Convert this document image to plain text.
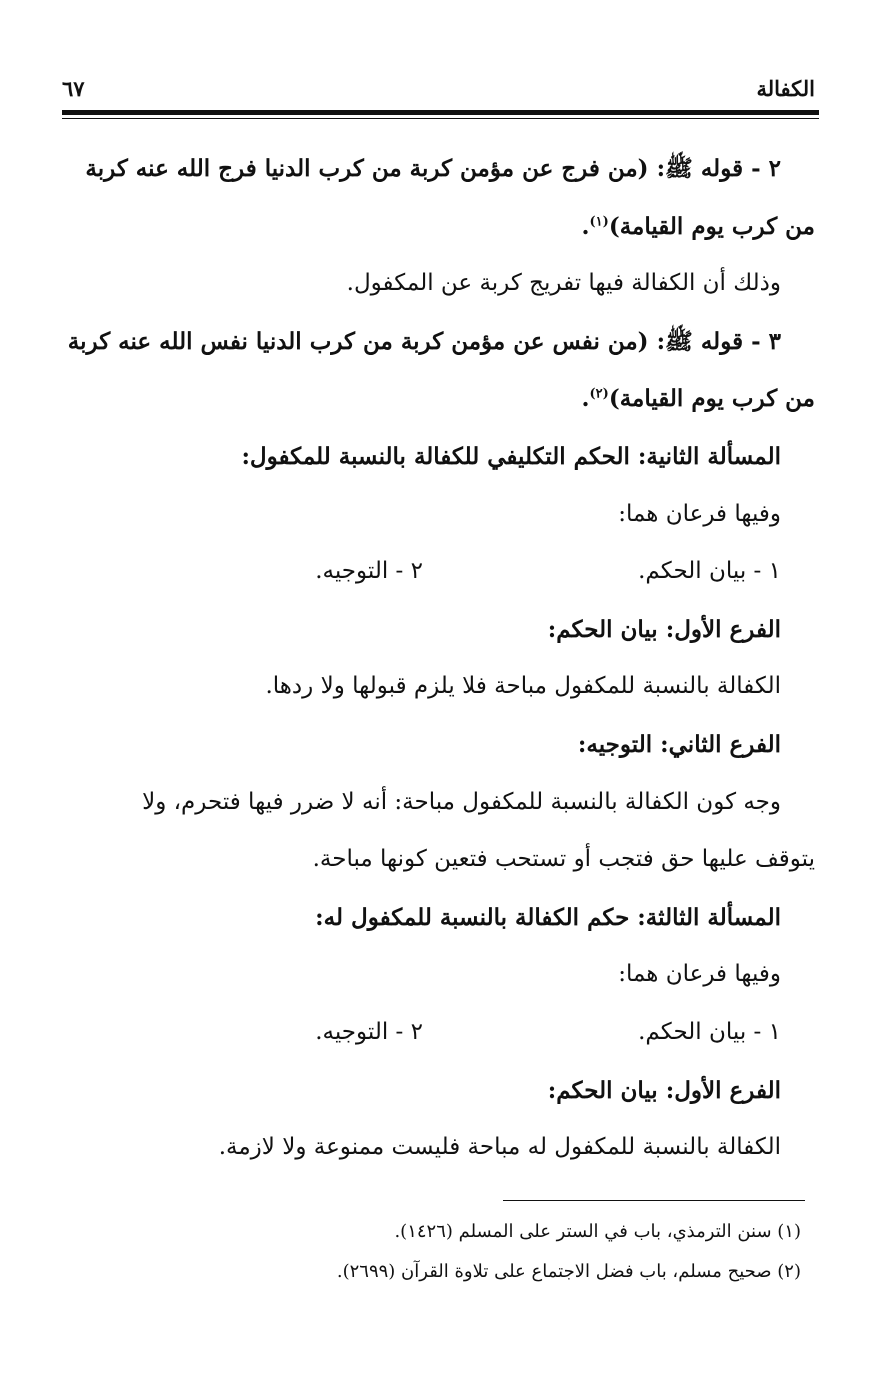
الكفالة
٦٧

٢ - قوله ﷺ: (من فرج عن مؤمن كربة من كرب الدنيا فرج الله عنه كربة

من كرب يوم القيامة)$^{(١)}$.

وذلك أن الكفالة فيها تفريج كربة عن المكفول.

٣ - قوله ﷺ: (من نفس عن مؤمن كربة من كرب الدنيا نفس الله عنه كربة

من كرب يوم القيامة)$^{(٢)}$.

المسألة الثانية: الحكم التكليفي للكفالة بالنسبة للمكفول:

وفيها فرعان هما:

١ - بيان الحكم.
٢ - التوجيه.

الفرع الأول: بيان الحكم:

الكفالة بالنسبة للمكفول مباحة فلا يلزم قبولها ولا ردها.

الفرع الثاني: التوجيه:

وجه كون الكفالة بالنسبة للمكفول مباحة: أنه لا ضرر فيها فتحرم، ولا

يتوقف عليها حق فتجب أو تستحب فتعين كونها مباحة.

المسألة الثالثة: حكم الكفالة بالنسبة للمكفول له:

وفيها فرعان هما:

١ - بيان الحكم.
٢ - التوجيه.

الفرع الأول: بيان الحكم:

الكفالة بالنسبة للمكفول له مباحة فليست ممنوعة ولا لازمة.

(١) سنن الترمذي، باب في الستر على المسلم (١٤٢٦).

(٢) صحيح مسلم، باب فضل الاجتماع على تلاوة القرآن (٢٦٩٩).
